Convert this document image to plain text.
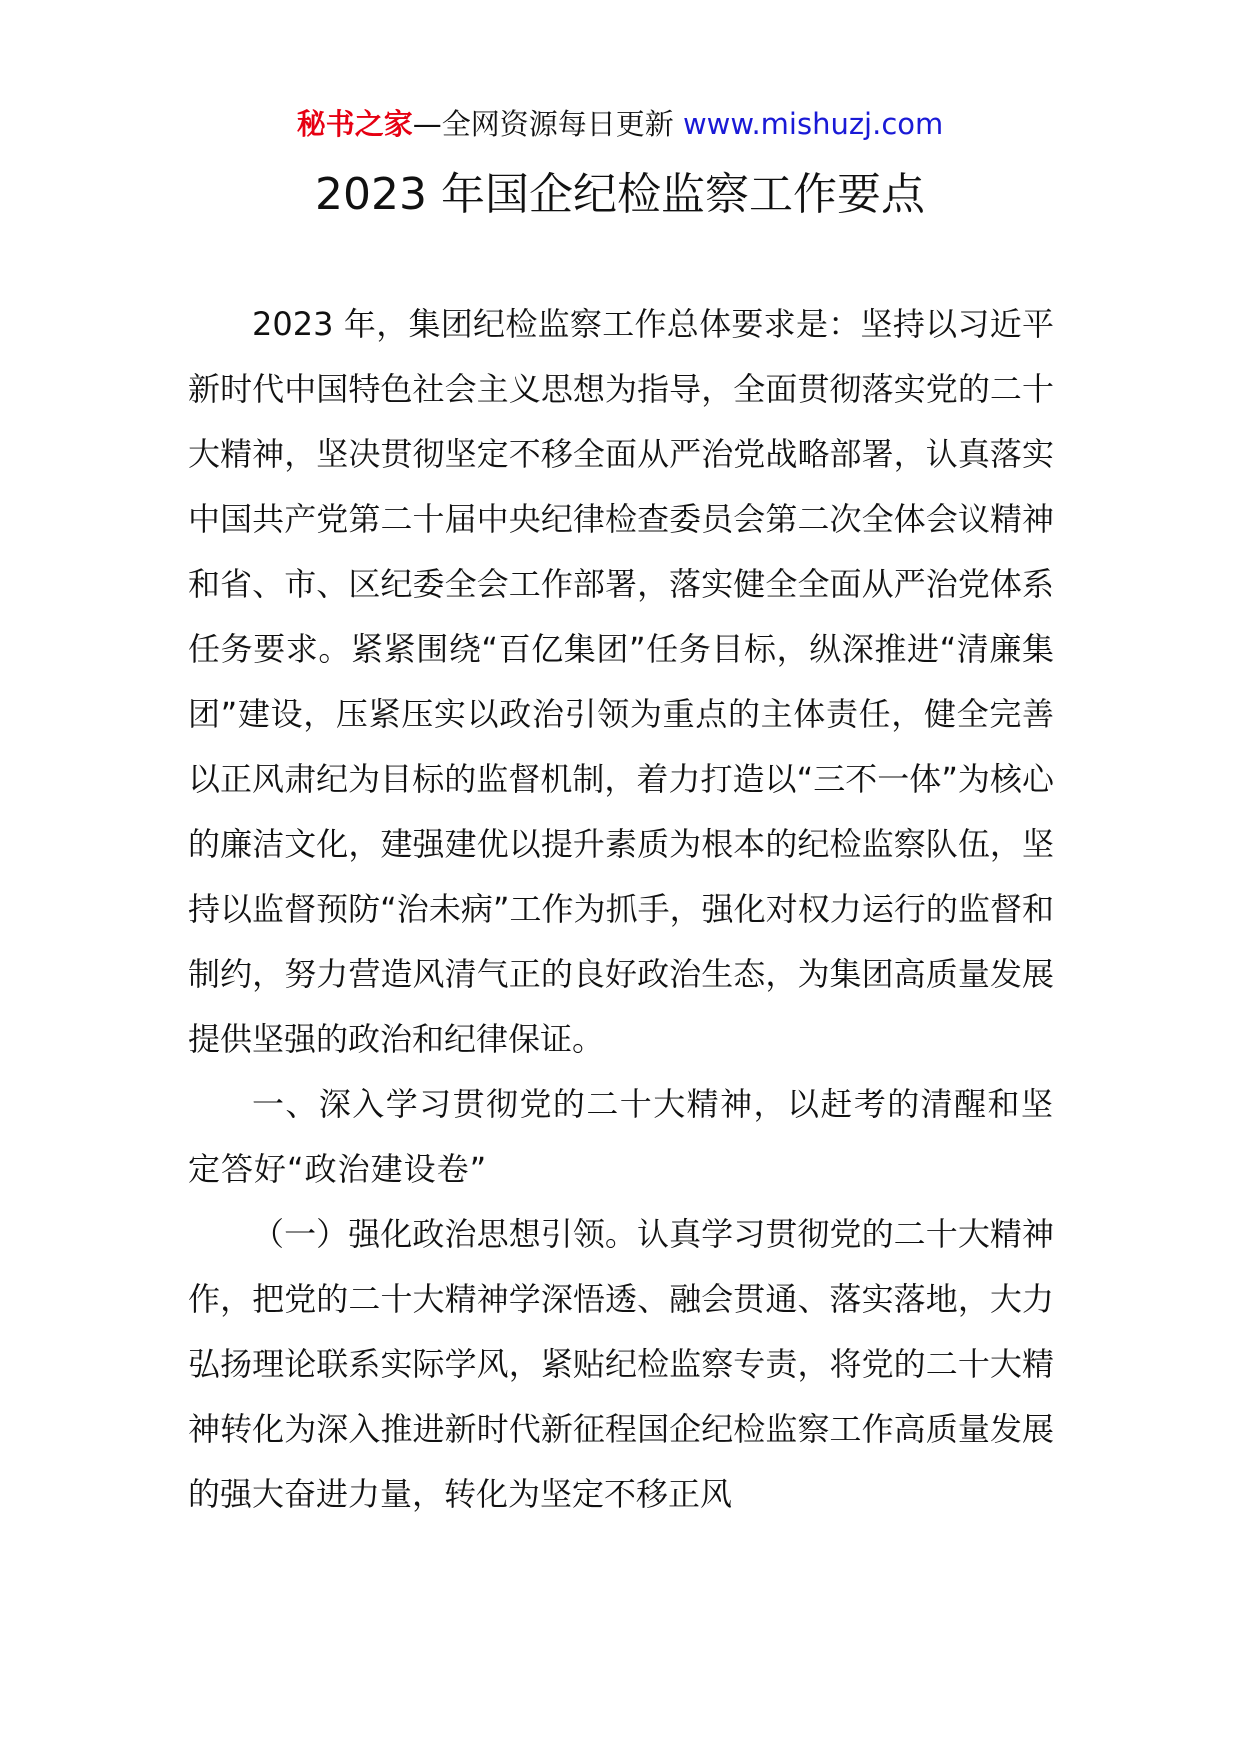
秘书之家—全网资源每日更新 www.mishuzj.com
2023 年国企纪检监察工作要点

2023 年，集团纪检监察工作总体要求是：坚持以习近平新时代中国特色社会主义思想为指导，全面贯彻落实党的二十大精神，坚决贯彻坚定不移全面从严治党战略部署，认真落实中国共产党第二十届中央纪律检查委员会第二次全体会议精神和省、市、区纪委全会工作部署，落实健全全面从严治党体系任务要求。紧紧围绕“百亿集团”任务目标，纵深推进“清廉集团”建设，压紧压实以政治引领为重点的主体责任，健全完善以正风肃纪为目标的监督机制，着力打造以“三不一体”为核心的廉洁文化，建强建优以提升素质为根本的纪检监察队伍，坚持以监督预防“治未病”工作为抓手，强化对权力运行的监督和制约，努力营造风清气正的良好政治生态，为集团高质量发展提供坚强的政治和纪律保证。

一、深入学习贯彻党的二十大精神，以赶考的清醒和坚定答好“政治建设卷”

（一）强化政治思想引领。认真学习贯彻党的二十大精神作，把党的二十大精神学深悟透、融会贯通、落实落地，大力弘扬理论联系实际学风，紧贴纪检监察专责，将党的二十大精神转化为深入推进新时代新征程国企纪检监察工作高质量发展的强大奋进力量，转化为坚定不移正风
